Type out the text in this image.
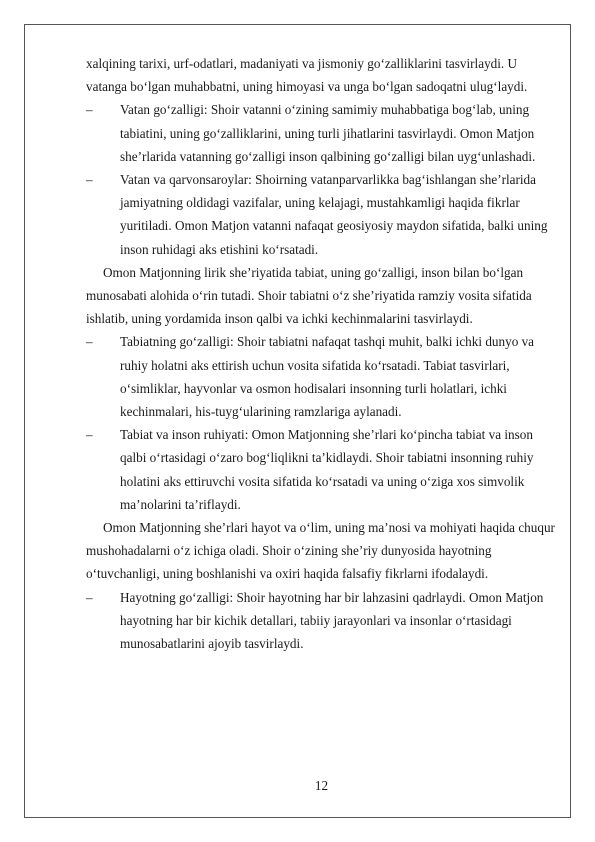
xalqining tarixi, urf-odatlari, madaniyati va jismoniy go‘zalliklarini tasvirlaydi. U vatanga bo‘lgan muhabbatni, uning himoyasi va unga bo‘lgan sadoqatni ulug‘laydi.

–	Vatan go‘zalligi: Shoir vatanni o‘zining samimiy muhabbatiga bog‘lab, uning tabiatini, uning go‘zalliklarini, uning turli jihatlarini tasvirlaydi. Omon Matjon she’rlarida vatanning go‘zalligi inson qalbining go‘zalligi bilan uyg‘unlashadi.
–	Vatan va qarvonsaroylar: Shoirning vatanparvarlikka bag‘ishlangan she’rlarida jamiyatning oldidagi vazifalar, uning kelajagi, mustahkamligi haqida fikrlar yuritiladi. Omon Matjon vatanni nafaqat geosiyosiy maydon sifatida, balki uning inson ruhidagi aks etishini ko‘rsatadi.

Omon Matjonning lirik she’riyatida tabiat, uning go‘zalligi, inson bilan bo‘lgan munosabati alohida o‘rin tutadi. Shoir tabiatni o‘z she’riyatida ramziy vosita sifatida ishlatib, uning yordamida inson qalbi va ichki kechinmalarini tasvirlaydi.

–	Tabiatning go‘zalligi: Shoir tabiatni nafaqat tashqi muhit, balki ichki dunyo va ruhiy holatni aks ettirish uchun vosita sifatida ko‘rsatadi. Tabiat tasvirlari, o‘simliklar, hayvonlar va osmon hodisalari insonning turli holatlari, ichki kechinmalari, his-tuyg‘ularining ramzlariga aylanadi.
–	Tabiat va inson ruhiyati: Omon Matjonning she’rlari ko‘pincha tabiat va inson qalbi o‘rtasidagi o‘zaro bog‘liqlikni ta’kidlaydi. Shoir tabiatni insonning ruhiy holatini aks ettiruvchi vosita sifatida ko‘rsatadi va uning o‘ziga xos simvolik ma’nolarini ta’riflaydi.

Omon Matjonning she’rlari hayot va o‘lim, uning ma’nosi va mohiyati haqida chuqur mushohadalarni o‘z ichiga oladi. Shoir o‘zining she’riy dunyosida hayotning o‘tuvchanligi, uning boshlanishi va oxiri haqida falsafiy fikrlarni ifodalaydi.

–	Hayotning go‘zalligi: Shoir hayotning har bir lahzasini qadrlaydi. Omon Matjon hayotning har bir kichik detallari, tabiiy jarayonlari va insonlar o‘rtasidagi munosabatlarini ajoyib tasvirlaydi.
12
